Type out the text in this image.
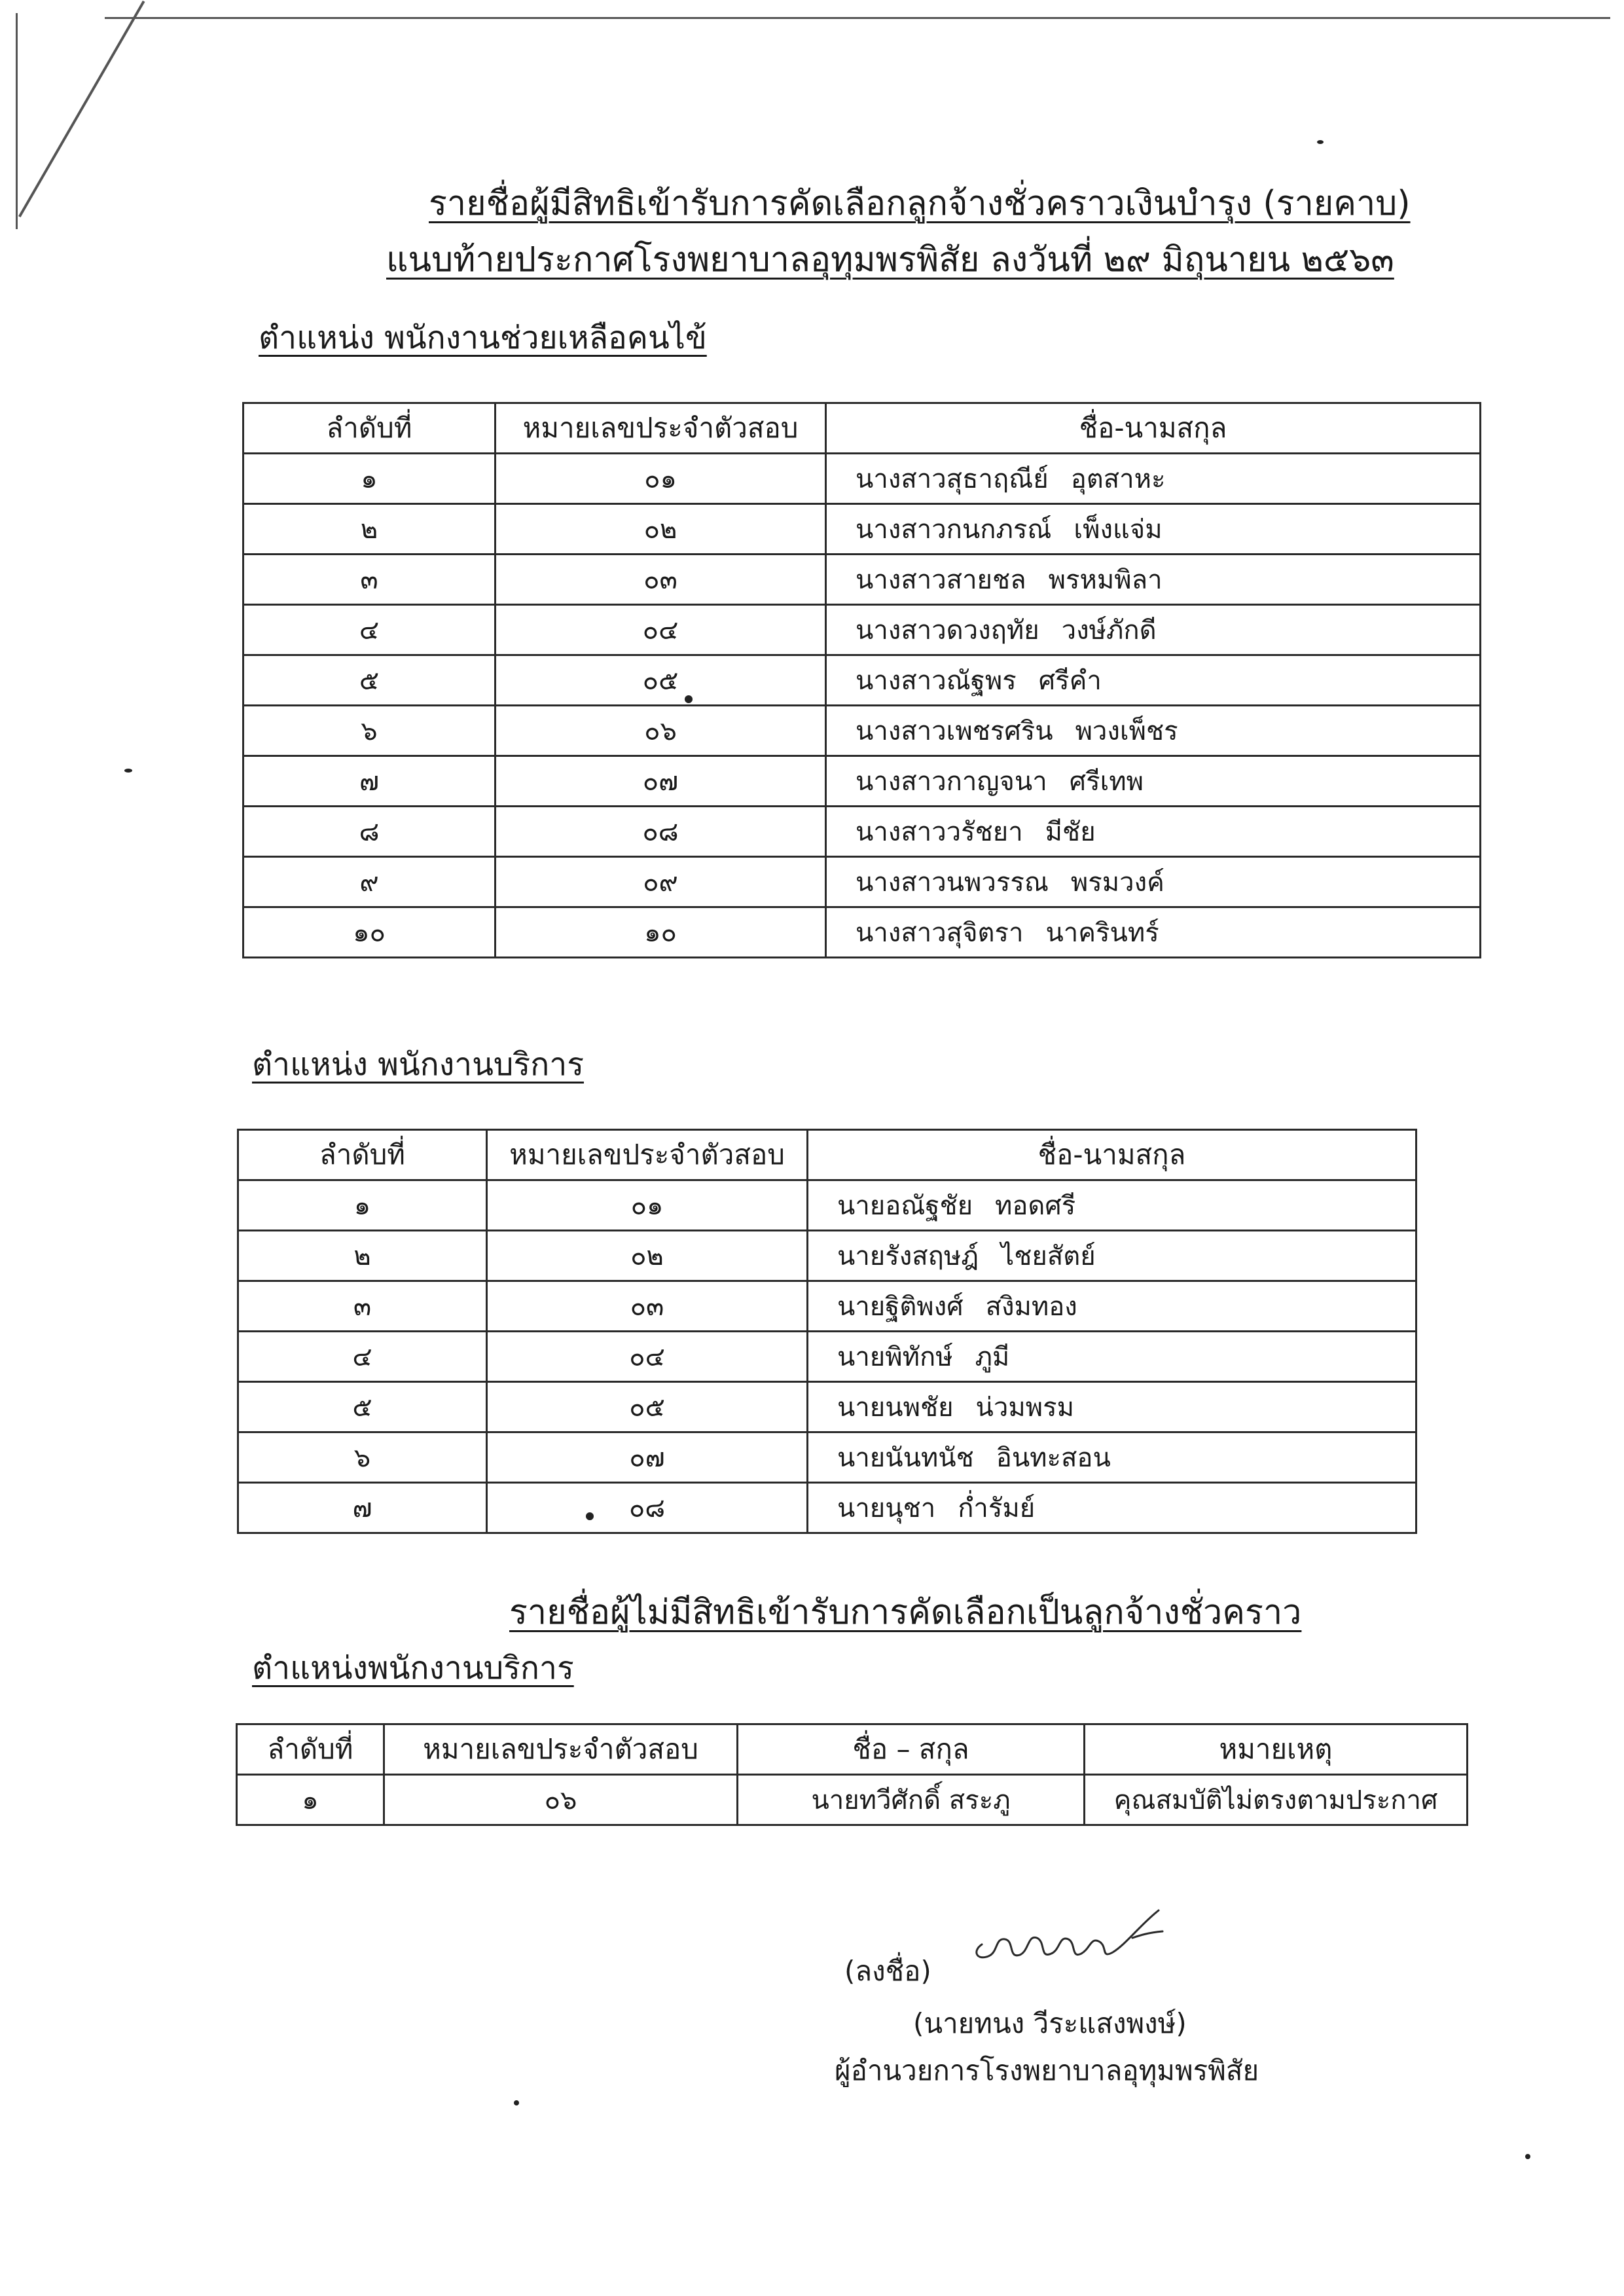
รายชื่อผู้มีสิทธิเข้ารับการคัดเลือกลูกจ้างชั่วคราวเงินบำรุง (รายคาบ)
แนบท้ายประกาศโรงพยาบาลอุทุมพรพิสัย ลงวันที่ ๒๙ มิถุนายน ๒๕๖๓
ตำแหน่ง พนักงานช่วยเหลือคนไข้
ลำดับที่	หมายเลขประจำตัวสอบ	ชื่อ-นามสกุล
๑	๐๑	นางสาวสุธาฤณีย์ อุตสาหะ
๒	๐๒	นางสาวกนกภรณ์ เพ็งแจ่ม
๓	๐๓	นางสาวสายชล พรหมพิลา
๔	๐๔	นางสาวดวงฤทัย วงษ์ภักดี
๕	๐๕	นางสาวณัฐพร ศรีคำ
๖	๐๖	นางสาวเพชรศริน พวงเพ็ชร
๗	๐๗	นางสาวกาญจนา ศรีเทพ
๘	๐๘	นางสาววรัชยา มีชัย
๙	๐๙	นางสาวนพวรรณ พรมวงค์
๑๐	๑๐	นางสาวสุจิตรา นาครินทร์
ตำแหน่ง พนักงานบริการ
ลำดับที่	หมายเลขประจำตัวสอบ	ชื่อ-นามสกุล
๑	๐๑	นายอณัฐชัย ทอดศรี
๒	๐๒	นายรังสฤษฎ์ ไชยสัตย์
๓	๐๓	นายฐิติพงศ์ สงิมทอง
๔	๐๔	นายพิทักษ์ ภูมี
๕	๐๕	นายนพชัย น่วมพรม
๖	๐๗	นายนันทนัช อินทะสอน
๗	๐๘	นายนุชา ก่ำรัมย์
รายชื่อผู้ไม่มีสิทธิเข้ารับการคัดเลือกเป็นลูกจ้างชั่วคราว
ตำแหน่งพนักงานบริการ
ลำดับที่	หมายเลขประจำตัวสอบ	ชื่อ – สกุล	หมายเหตุ
๑	๐๖	นายทวีศักดิ์ สระภู	คุณสมบัติไม่ตรงตามประกาศ
(ลงชื่อ)
(นายทนง วีระแสงพงษ์)
ผู้อำนวยการโรงพยาบาลอุทุมพรพิสัย
